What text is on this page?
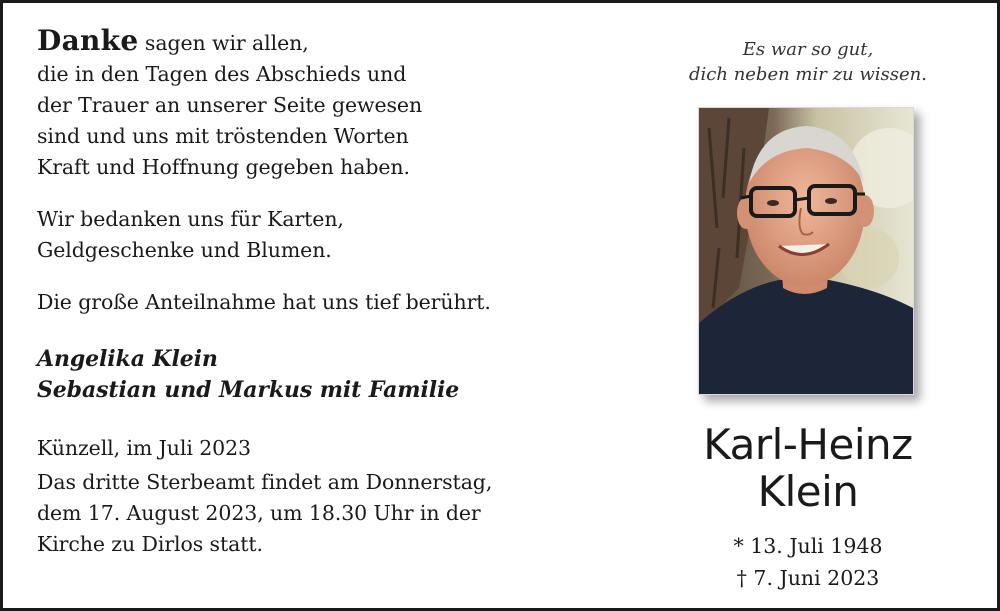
Danke sagen wir allen,

die in den Tagen des Abschieds und

der Trauer an unserer Seite gewesen

sind und uns mit tröstenden Worten

Kraft und Hoffnung gegeben haben.

Wir bedanken uns für Karten,

Geldgeschenke und Blumen.

Die große Anteilnahme hat uns tief berührt.

Angelika Klein
Sebastian und Markus mit Familie

Künzell, im Juli 2023

Das dritte Sterbeamt findet am Donnerstag,

dem 17. August 2023, um 18.30 Uhr in der

Kirche zu Dirlos statt.

Es war so gut,
dich neben mir zu wissen.
Karl-Heinz
Klein
* 13. Juli 1948
† 7. Juni 2023
